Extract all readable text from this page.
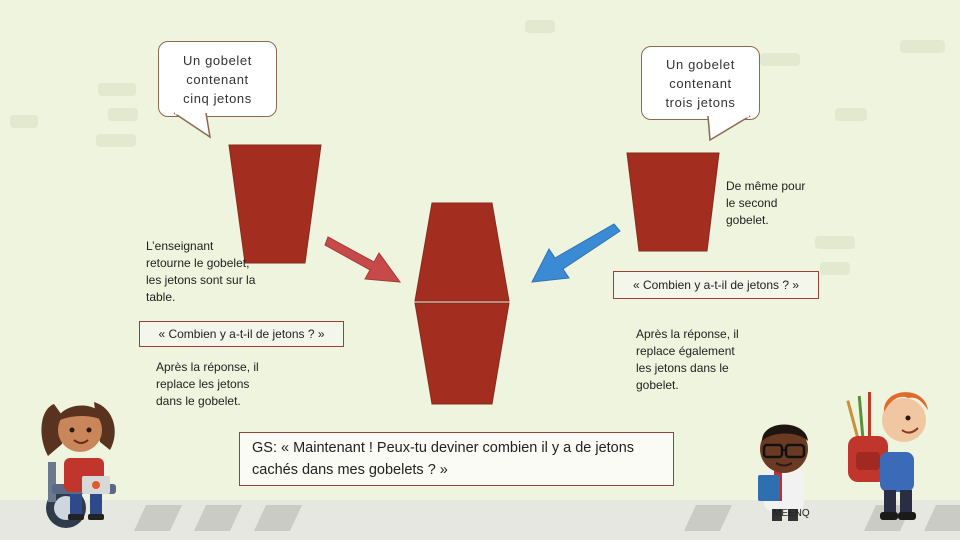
Un gobelet
contenant
cinq jetons
Un gobelet
contenant
trois jetons
L’enseignant
retourne le gobelet,
les jetons sont sur la
table.
« Combien y a-t-il de jetons ? »
Après la réponse, il
replace les jetons
dans le gobelet.
De même pour
le second
gobelet.
« Combien y a-t-il de jetons ? »
Après la réponse, il
replace également
les jetons dans le
gobelet.
GS: « Maintenant ! Peux-tu deviner combien il y a de jetons cachés dans mes gobelets ? »
MEENQ
